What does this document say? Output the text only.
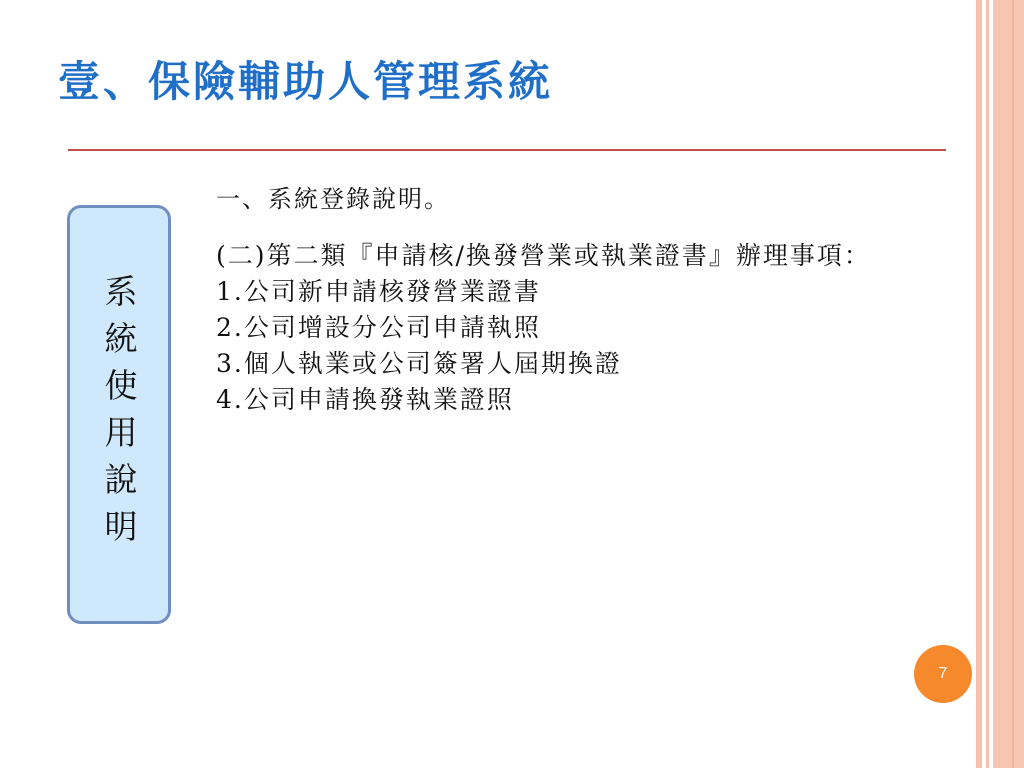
壹、保險輔助人管理系統
系統使用說明
一、系統登錄說明。
(二)第二類『申請核/換發營業或執業證書』辦理事項：
1.公司新申請核發營業證書
2.公司增設分公司申請執照
3.個人執業或公司簽署人屆期換證
4.公司申請換發執業證照
7
